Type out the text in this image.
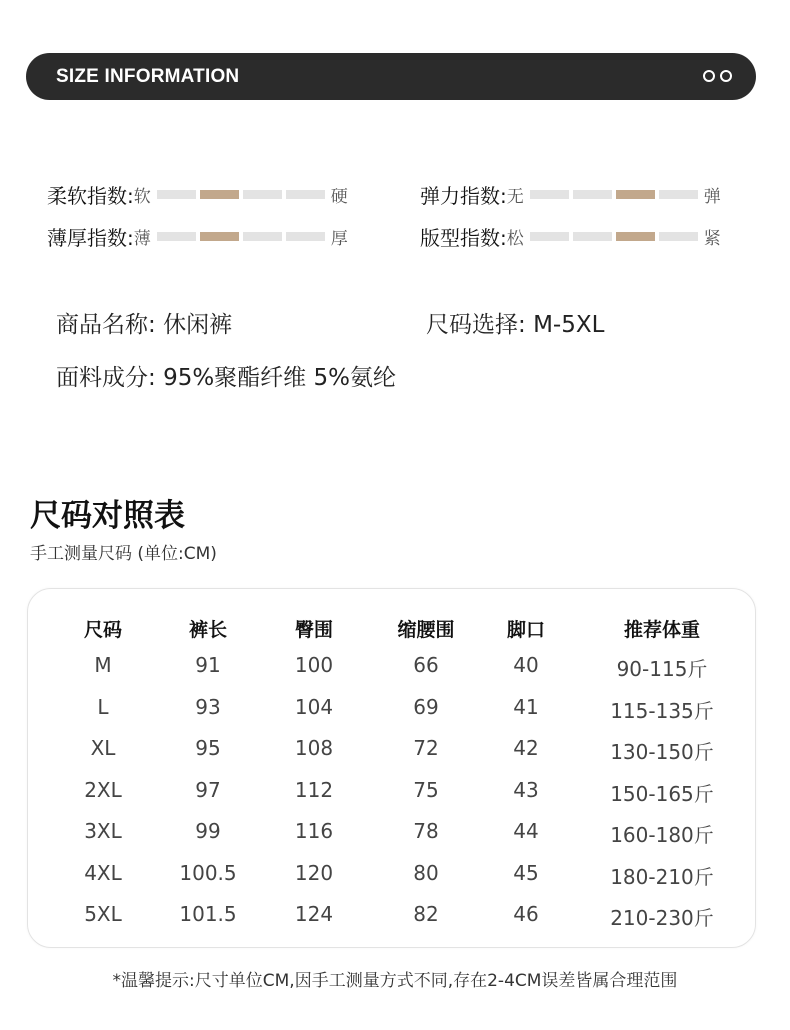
SIZE INFORMATION
柔软指数: 软	硬	弹力指数: 无	弹
薄厚指数: 薄	厚	版型指数: 松	紧
商品名称: 休闲裤	尺码选择: M-5XL
面料成分: 95%聚酯纤维 5%氨纶
尺码对照表
手工测量尺码 (单位:CM)
尺码	裤长	臀围	缩腰围	脚口	推荐体重
M	91	100	66	40	90-115斤
L	93	104	69	41	115-135斤
XL	95	108	72	42	130-150斤
2XL	97	112	75	43	150-165斤
3XL	99	116	78	44	160-180斤
4XL	100.5	120	80	45	180-210斤
5XL	101.5	124	82	46	210-230斤
*温馨提示:尺寸单位CM,因手工测量方式不同,存在2-4CM误差皆属合理范围
